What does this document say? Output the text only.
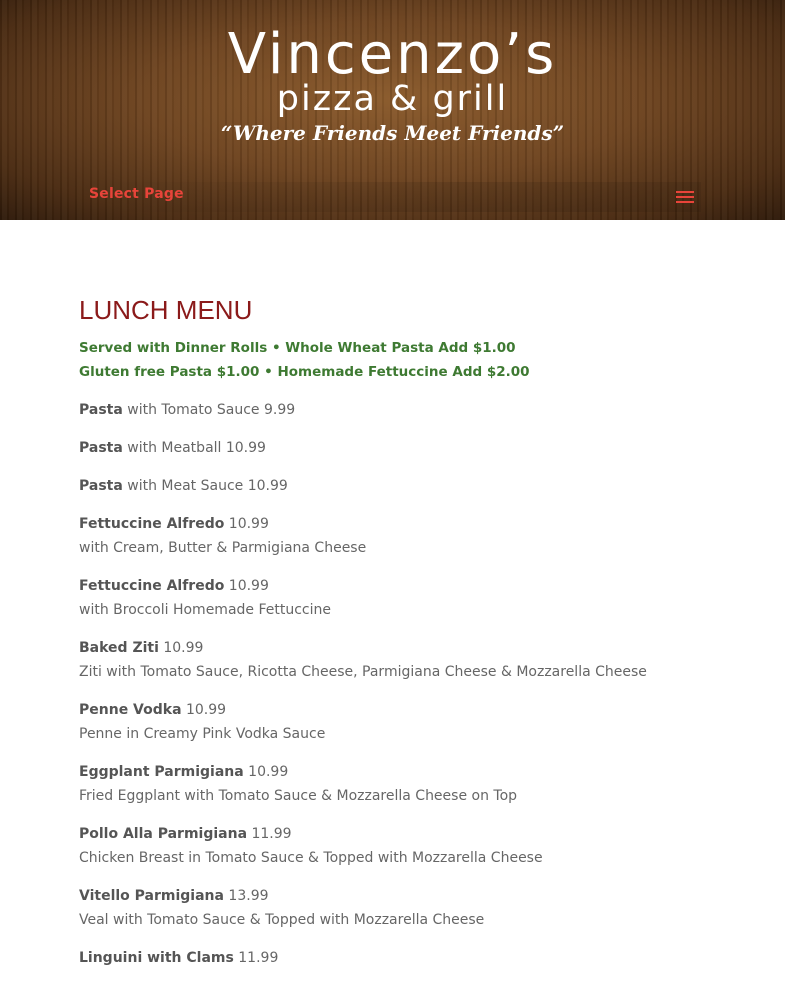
Vincenzo’s
pizza & grill
“Where Friends Meet Friends”
Select Page
LUNCH MENU
Served with Dinner Rolls • Whole Wheat Pasta Add $1.00
Gluten free Pasta $1.00 • Homemade Fettuccine Add $2.00
Pasta with Tomato Sauce 9.99
Pasta with Meatball 10.99
Pasta with Meat Sauce 10.99
Fettuccine Alfredo 10.99
with Cream, Butter & Parmigiana Cheese
Fettuccine Alfredo 10.99
with Broccoli Homemade Fettuccine
Baked Ziti 10.99
Ziti with Tomato Sauce, Ricotta Cheese, Parmigiana Cheese & Mozzarella Cheese
Penne Vodka 10.99
Penne in Creamy Pink Vodka Sauce
Eggplant Parmigiana 10.99
Fried Eggplant with Tomato Sauce & Mozzarella Cheese on Top
Pollo Alla Parmigiana 11.99
Chicken Breast in Tomato Sauce & Topped with Mozzarella Cheese
Vitello Parmigiana 13.99
Veal with Tomato Sauce & Topped with Mozzarella Cheese
Linguini with Clams 11.99
